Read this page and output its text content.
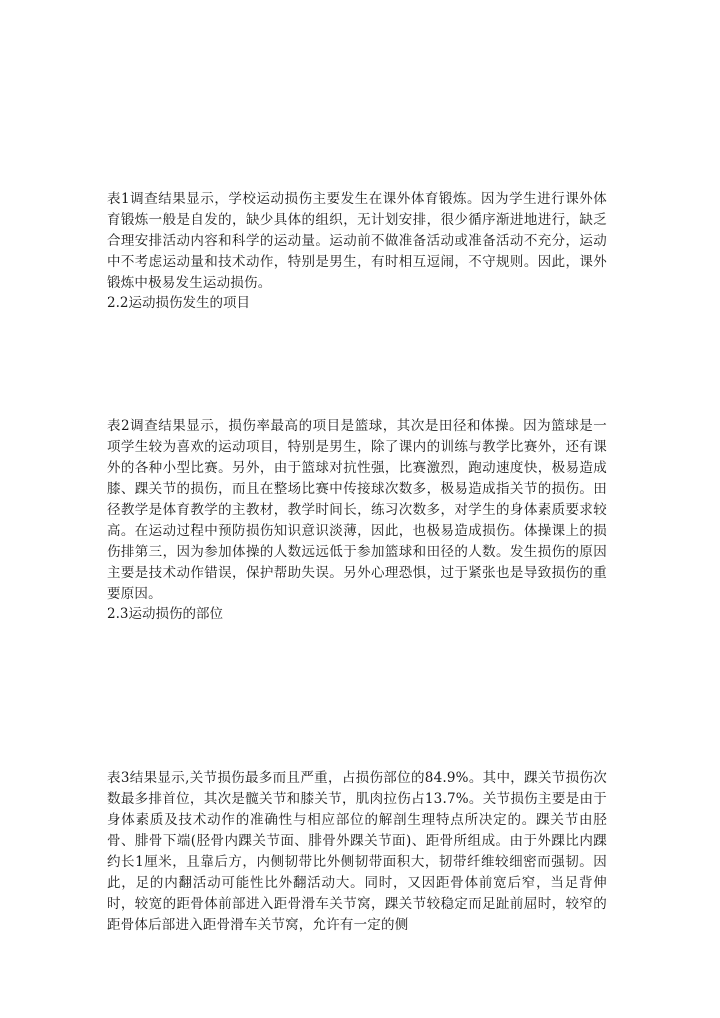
表1调查结果显示，学校运动损伤主要发生在课外体育锻炼。因为学生进行课外体育锻炼一般是自发的，缺少具体的组织，无计划安排，很少循序渐进地进行，缺乏合理安排活动内容和科学的运动量。运动前不做准备活动或准备活动不充分，运动中不考虑运动量和技术动作，特别是男生，有时相互逗闹，不守规则。因此，课外锻炼中极易发生运动损伤。

2.2运动损伤发生的项目

表2调查结果显示，损伤率最高的项目是篮球，其次是田径和体操。因为篮球是一项学生较为喜欢的运动项目，特别是男生，除了课内的训练与教学比赛外，还有课外的各种小型比赛。另外，由于篮球对抗性强，比赛激烈，跑动速度快，极易造成膝、踝关节的损伤，而且在整场比赛中传接球次数多，极易造成指关节的损伤。田径教学是体育教学的主教材，教学时间长，练习次数多，对学生的身体素质要求较高。在运动过程中预防损伤知识意识淡薄，因此，也极易造成损伤。体操课上的损伤排第三，因为参加体操的人数远远低于参加篮球和田径的人数。发生损伤的原因主要是技术动作错误，保护帮助失误。另外心理恐惧，过于紧张也是导致损伤的重要原因。

2.3运动损伤的部位

表3结果显示,关节损伤最多而且严重，占损伤部位的84.9%。其中，踝关节损伤次数最多排首位，其次是髋关节和膝关节，肌肉拉伤占13.7%。关节损伤主要是由于身体素质及技术动作的准确性与相应部位的解剖生理特点所决定的。踝关节由胫骨、腓骨下端(胫骨内踝关节面、腓骨外踝关节面)、距骨所组成。由于外踝比内踝约长1厘米，且靠后方，内侧韧带比外侧韧带面积大，韧带纤维较细密而强韧。因此，足的内翻活动可能性比外翻活动大。同时，又因距骨体前宽后窄，当足背伸时，较宽的距骨体前部进入距骨滑车关节窝，踝关节较稳定而足趾前屈时，较窄的距骨体后部进入距骨滑车关节窝，允许有一定的侧
